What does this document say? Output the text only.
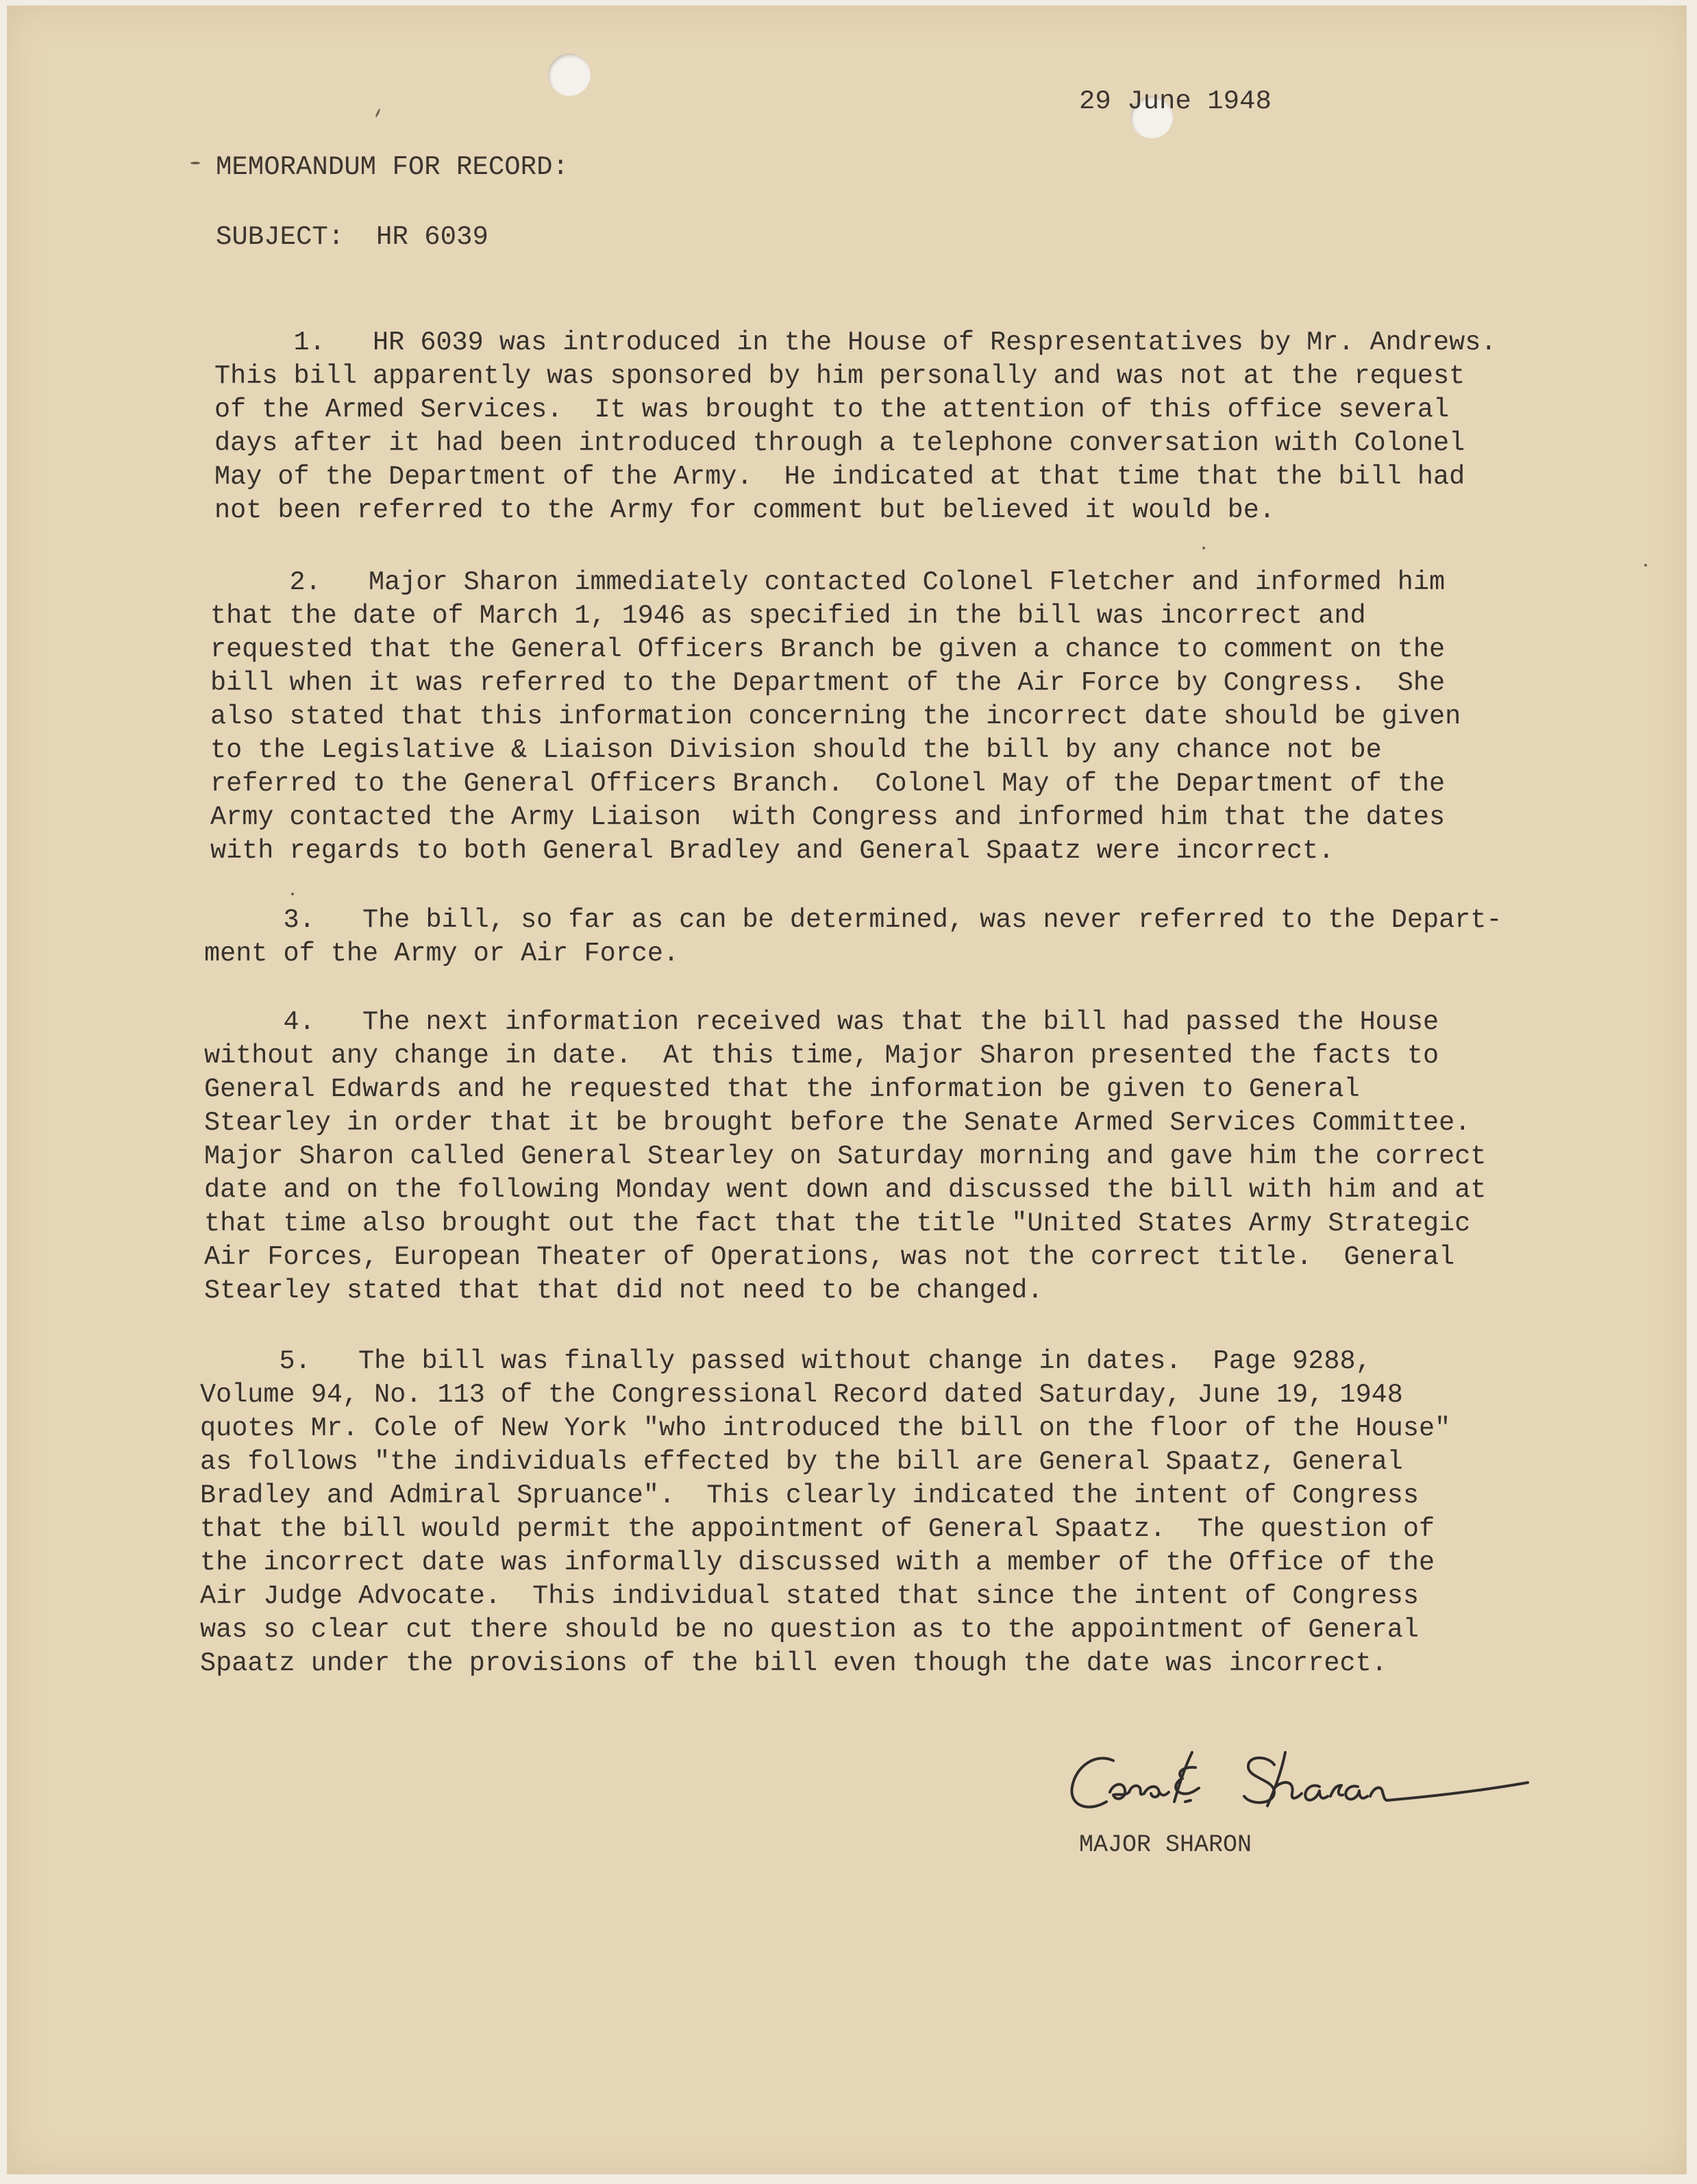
29 June 1948

MEMORANDUM FOR RECORD:

SUBJECT: HR 6039

1.   HR 6039 was introduced in the House of Respresentatives by Mr. Andrews.
This bill apparently was sponsored by him personally and was not at the request
of the Armed Services.  It was brought to the attention of this office several
days after it had been introduced through a telephone conversation with Colonel
May of the Department of the Army.  He indicated at that time that the bill had
not been referred to the Army for comment but believed it would be.

2.   Major Sharon immediately contacted Colonel Fletcher and informed him
that the date of March 1, 1946 as specified in the bill was incorrect and
requested that the General Officers Branch be given a chance to comment on the
bill when it was referred to the Department of the Air Force by Congress.  She
also stated that this information concerning the incorrect date should be given
to the Legislative & Liaison Division should the bill by any chance not be
referred to the General Officers Branch.  Colonel May of the Department of the
Army contacted the Army Liaison  with Congress and informed him that the dates
with regards to both General Bradley and General Spaatz were incorrect.

3.   The bill, so far as can be determined, was never referred to the Depart-
ment of the Army or Air Force.

4.   The next information received was that the bill had passed the House
without any change in date.  At this time, Major Sharon presented the facts to
General Edwards and he requested that the information be given to General
Stearley in order that it be brought before the Senate Armed Services Committee.
Major Sharon called General Stearley on Saturday morning and gave him the correct
date and on the following Monday went down and discussed the bill with him and at
that time also brought out the fact that the title "United States Army Strategic
Air Forces, European Theater of Operations, was not the correct title.  General
Stearley stated that that did not need to be changed.

5.   The bill was finally passed without change in dates.  Page 9288,
Volume 94, No. 113 of the Congressional Record dated Saturday, June 19, 1948
quotes Mr. Cole of New York "who introduced the bill on the floor of the House"
as follows "the individuals effected by the bill are General Spaatz, General
Bradley and Admiral Spruance".  This clearly indicated the intent of Congress
that the bill would permit the appointment of General Spaatz.  The question of
the incorrect date was informally discussed with a member of the Office of the
Air Judge Advocate.  This individual stated that since the intent of Congress
was so clear cut there should be no question as to the appointment of General
Spaatz under the provisions of the bill even though the date was incorrect.

Cora E. Sharon

MAJOR SHARON
